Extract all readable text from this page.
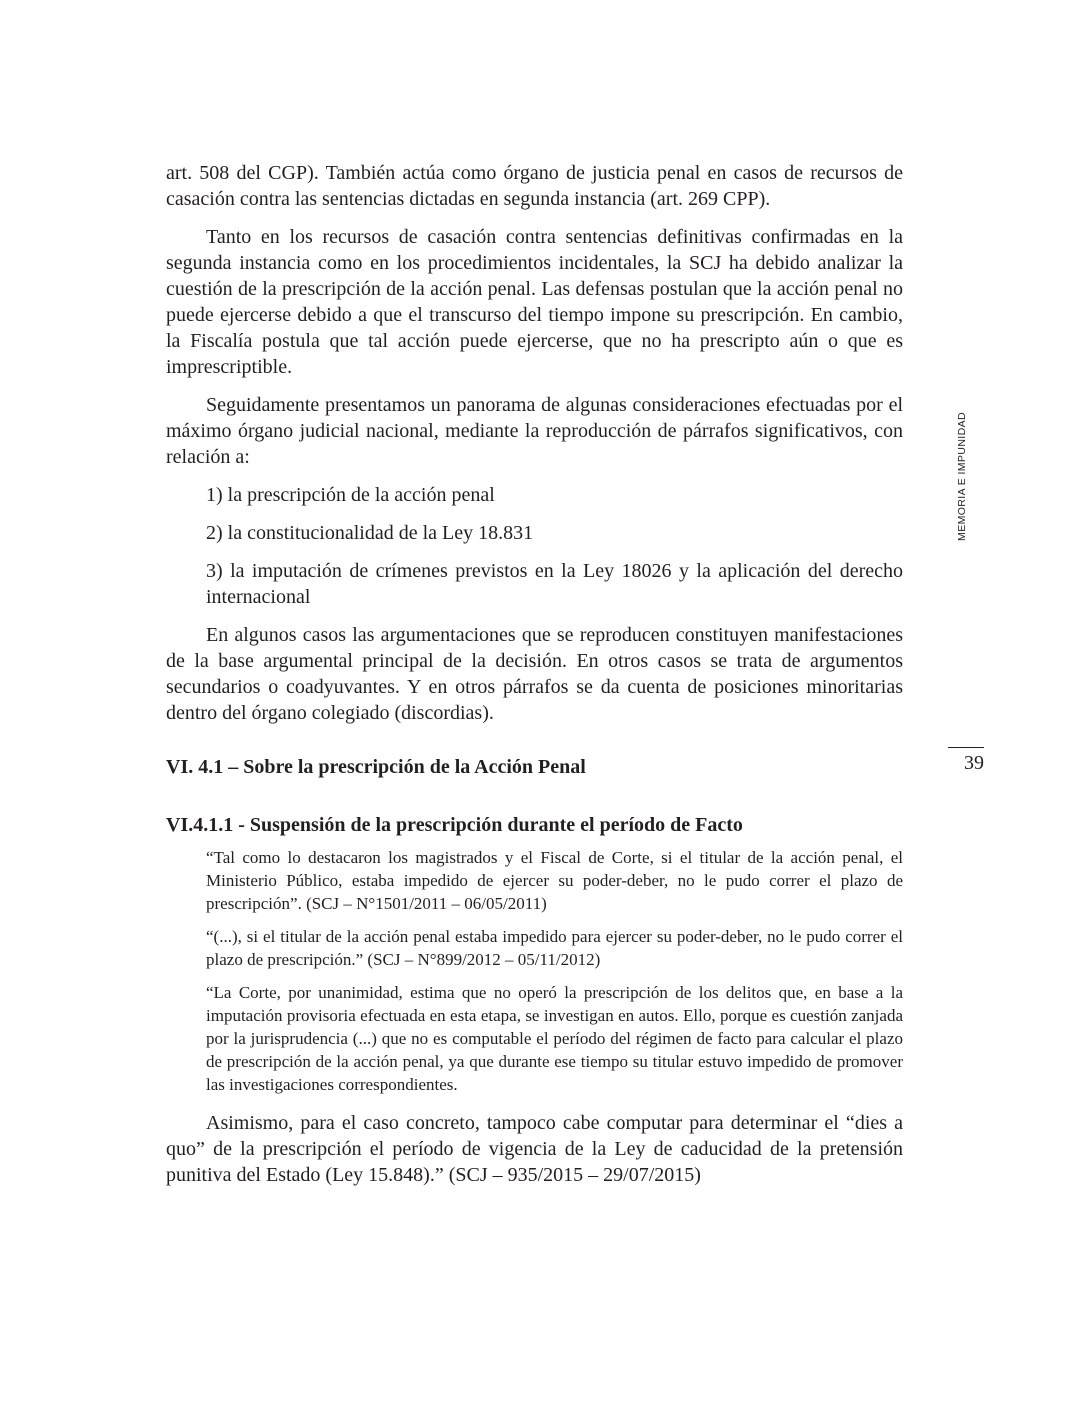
art. 508 del CGP). También actúa como órgano de justicia penal en casos de recursos de casación contra las sentencias dictadas en segunda instancia (art. 269 CPP).

Tanto en los recursos de casación contra sentencias definitivas confirmadas en la segunda instancia como en los procedimientos incidentales, la SCJ ha debido analizar la cuestión de la prescripción de la acción penal. Las defensas postulan que la acción penal no puede ejercerse debido a que el transcurso del tiempo impone su prescripción. En cambio, la Fiscalía postula que tal acción puede ejercerse, que no ha prescripto aún o que es imprescriptible.

Seguidamente presentamos un panorama de algunas consideraciones efectuadas por el máximo órgano judicial nacional, mediante la reproducción de párrafos significativos, con relación a:

1) la prescripción de la acción penal

2) la constitucionalidad de la Ley 18.831

3) la imputación de crímenes previstos en la Ley 18026 y la aplicación del derecho internacional

En algunos casos las argumentaciones que se reproducen constituyen manifestaciones de la base argumental principal de la decisión. En otros casos se trata de argumentos secundarios o coadyuvantes. Y en otros párrafos se da cuenta de posiciones minoritarias dentro del órgano colegiado (discordias).

VI. 4.1 – Sobre la prescripción de la Acción Penal
VI.4.1.1 - Suspensión de la prescripción durante el período de Facto

“Tal como lo destacaron los magistrados y el Fiscal de Corte, si el titular de la acción penal, el Ministerio Público, estaba impedido de ejercer su poder-deber, no le pudo correr el plazo de prescripción”. (SCJ – N°1501/2011 – 06/05/2011)

“(...), si el titular de la acción penal estaba impedido para ejercer su poder-deber, no le pudo correr el plazo de prescripción.” (SCJ – N°899/2012 – 05/11/2012)

“La Corte, por unanimidad, estima que no operó la prescripción de los delitos que, en base a la imputación provisoria efectuada en esta etapa, se investigan en autos. Ello, porque es cuestión zanjada por la jurisprudencia (...) que no es computable el período del régimen de facto para calcular el plazo de prescripción de la acción penal, ya que durante ese tiempo su titular estuvo impedido de promover las investigaciones correspondientes.

Asimismo, para el caso concreto, tampoco cabe computar para determinar el “dies a quo” de la prescripción el período de vigencia de la Ley de caducidad de la pretensión punitiva del Estado (Ley 15.848).” (SCJ – 935/2015 – 29/07/2015)

MEMORIA E IMPUNIDAD
39
